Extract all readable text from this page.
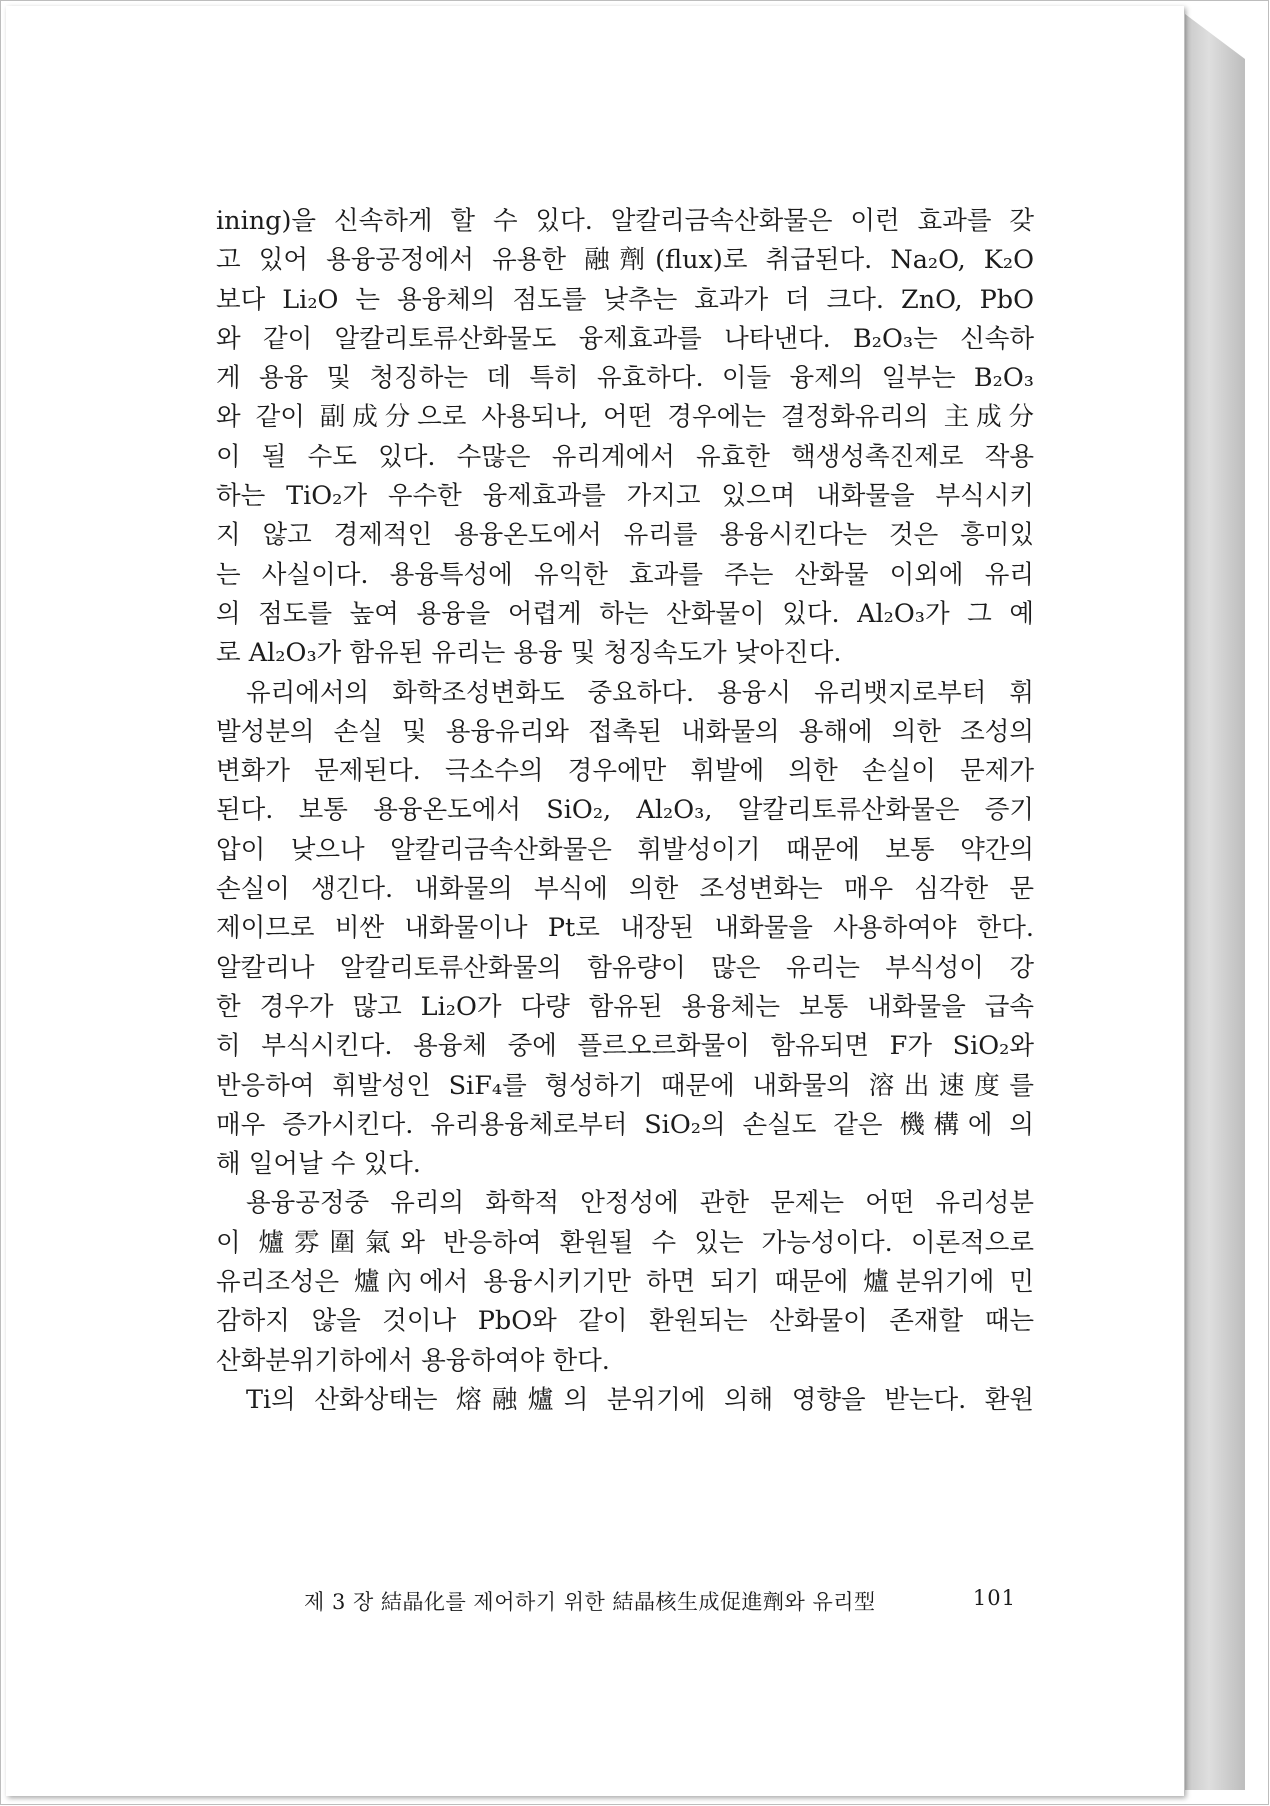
ining)을 신속하게 할 수 있다. 알칼리금속산화물은 이런 효과를 갖
고 있어 용융공정에서 유용한 融劑(flux)로 취급된다. Na₂O, K₂O
보다 Li₂O 는 용융체의 점도를 낮추는 효과가 더 크다. ZnO, PbO
와 같이 알칼리토류산화물도 융제효과를 나타낸다. B₂O₃는 신속하
게 용융 및 청징하는 데 특히 유효하다. 이들 융제의 일부는 B₂O₃
와 같이 副成分으로 사용되나, 어떤 경우에는 결정화유리의 主成分
이 될 수도 있다. 수많은 유리계에서 유효한 핵생성촉진제로 작용
하는 TiO₂가 우수한 융제효과를 가지고 있으며 내화물을 부식시키
지 않고 경제적인 용융온도에서 유리를 용융시킨다는 것은 흥미있
는 사실이다. 용융특성에 유익한 효과를 주는 산화물 이외에 유리
의 점도를 높여 용융을 어렵게 하는 산화물이 있다. Al₂O₃가 그 예
로 Al₂O₃가 함유된 유리는 용융 및 청징속도가 낮아진다.
유리에서의 화학조성변화도 중요하다. 용융시 유리뱃지로부터 휘
발성분의 손실 및 용융유리와 접촉된 내화물의 용해에 의한 조성의
변화가 문제된다. 극소수의 경우에만 휘발에 의한 손실이 문제가
된다. 보통 용융온도에서 SiO₂, Al₂O₃, 알칼리토류산화물은 증기
압이 낮으나 알칼리금속산화물은 휘발성이기 때문에 보통 약간의
손실이 생긴다. 내화물의 부식에 의한 조성변화는 매우 심각한 문
제이므로 비싼 내화물이나 Pt로 내장된 내화물을 사용하여야 한다.
알칼리나 알칼리토류산화물의 함유량이 많은 유리는 부식성이 강
한 경우가 많고 Li₂O가 다량 함유된 용융체는 보통 내화물을 급속
히 부식시킨다. 용융체 중에 플르오르화물이 함유되면 F가 SiO₂와
반응하여 휘발성인 SiF₄를 형성하기 때문에 내화물의 溶出速度를
매우 증가시킨다. 유리용융체로부터 SiO₂의 손실도 같은 機構에 의
해 일어날 수 있다.
용융공정중 유리의 화학적 안정성에 관한 문제는 어떤 유리성분
이 爐雰圍氣와 반응하여 환원될 수 있는 가능성이다. 이론적으로
유리조성은 爐內에서 용융시키기만 하면 되기 때문에 爐분위기에 민
감하지 않을 것이나 PbO와 같이 환원되는 산화물이 존재할 때는
산화분위기하에서 용융하여야 한다.
Ti의 산화상태는 熔融爐의 분위기에 의해 영향을 받는다. 환원
제 3 장 結晶化를 제어하기 위한 結晶核生成促進劑와 유리型	101
